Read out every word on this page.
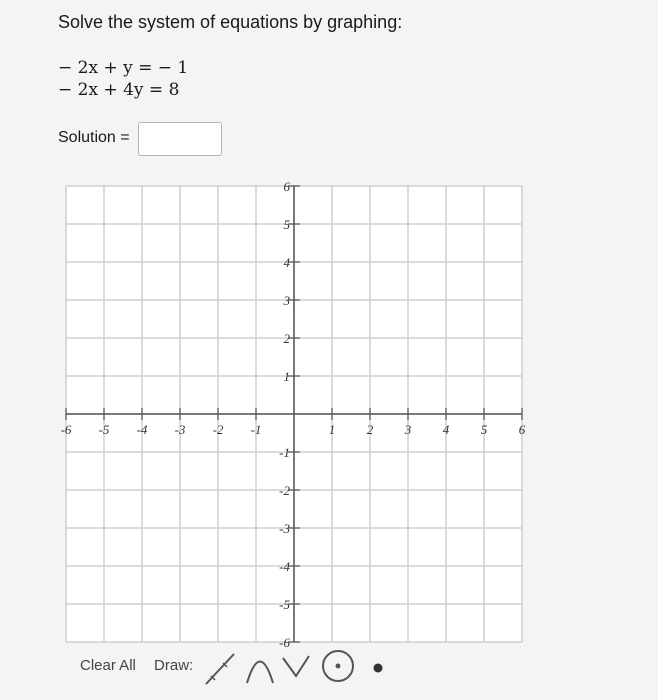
Solve the system of equations by graphing:
− 2x + y = − 1
− 2x + 4y = 8
Solution =
-6 -5 -4 -3 -2 -1	1 2 3 4 5 6
6
5
4
3
2
1
-1
-2
-3
-4
-5
-6
Clear All Draw:
